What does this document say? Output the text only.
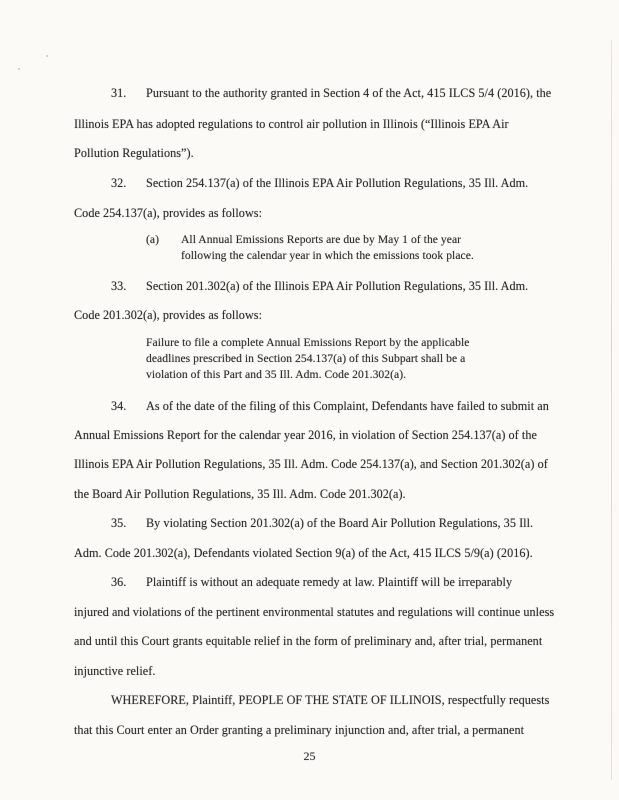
31. Pursuant to the authority granted in Section 4 of the Act, 415 ILCS 5/4 (2016), the
Illinois EPA has adopted regulations to control air pollution in Illinois (“Illinois EPA Air
Pollution Regulations”).
32. Section 254.137(a) of the Illinois EPA Air Pollution Regulations, 35 Ill. Adm.
Code 254.137(a), provides as follows:
(a) All Annual Emissions Reports are due by May 1 of the year
following the calendar year in which the emissions took place.
33. Section 201.302(a) of the Illinois EPA Air Pollution Regulations, 35 Ill. Adm.
Code 201.302(a), provides as follows:
Failure to file a complete Annual Emissions Report by the applicable
deadlines prescribed in Section 254.137(a) of this Subpart shall be a
violation of this Part and 35 Ill. Adm. Code 201.302(a).
34. As of the date of the filing of this Complaint, Defendants have failed to submit an
Annual Emissions Report for the calendar year 2016, in violation of Section 254.137(a) of the
Illinois EPA Air Pollution Regulations, 35 Ill. Adm. Code 254.137(a), and Section 201.302(a) of
the Board Air Pollution Regulations, 35 Ill. Adm. Code 201.302(a).
35. By violating Section 201.302(a) of the Board Air Pollution Regulations, 35 Ill.
Adm. Code 201.302(a), Defendants violated Section 9(a) of the Act, 415 ILCS 5/9(a) (2016).
36. Plaintiff is without an adequate remedy at law. Plaintiff will be irreparably
injured and violations of the pertinent environmental statutes and regulations will continue unless
and until this Court grants equitable relief in the form of preliminary and, after trial, permanent
injunctive relief.
WHEREFORE, Plaintiff, PEOPLE OF THE STATE OF ILLINOIS, respectfully requests
that this Court enter an Order granting a preliminary injunction and, after trial, a permanent
25
